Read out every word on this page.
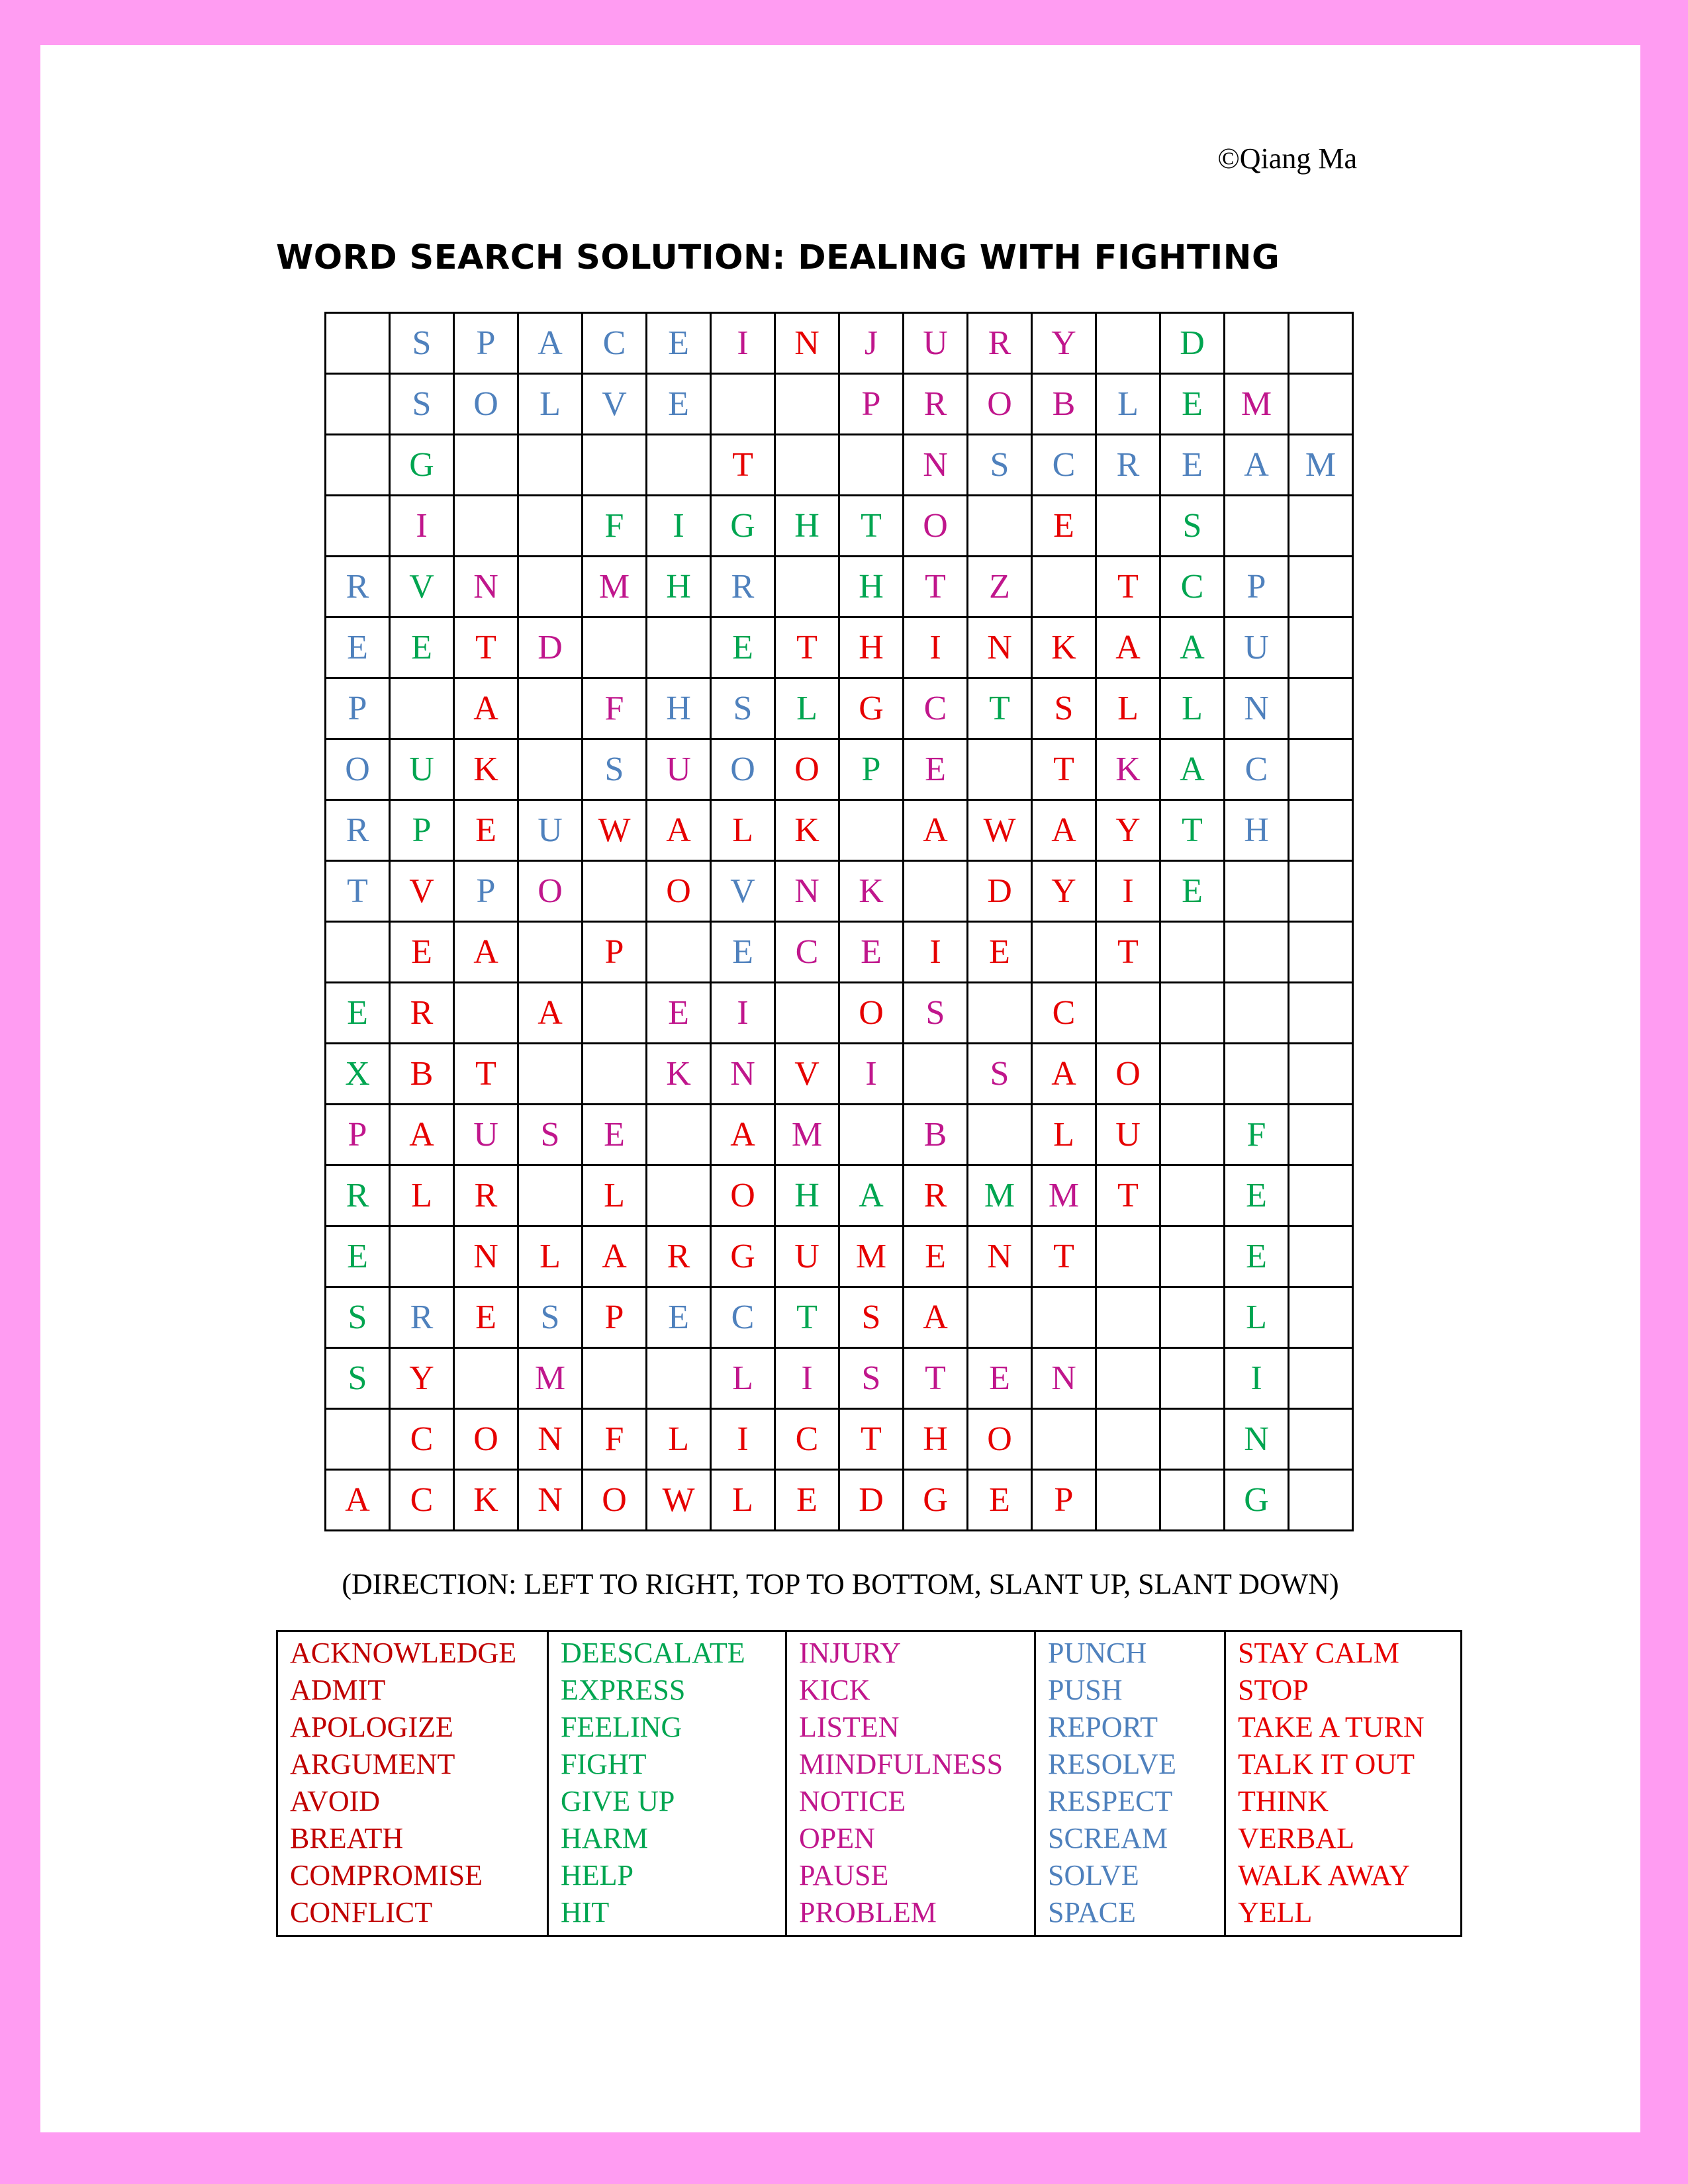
©Qiang Ma
WORD SEARCH SOLUTION: DEALING WITH FIGHTING
	S	P	A	C	E	I	N	J	U	R	Y		D		
	S	O	L	V	E			P	R	O	B	L	E	M	
	G					T			N	S	C	R	E	A	M
	I			F	I	G	H	T	O		E		S		
R	V	N		M	H	R		H	T	Z		T	C	P	
E	E	T	D			E	T	H	I	N	K	A	A	U	
P		A		F	H	S	L	G	C	T	S	L	L	N	
O	U	K		S	U	O	O	P	E		T	K	A	C	
R	P	E	U	W	A	L	K		A	W	A	Y	T	H	
T	V	P	O		O	V	N	K		D	Y	I	E		
	E	A		P		E	C	E	I	E		T			
E	R		A		E	I		O	S		C				
X	B	T			K	N	V	I		S	A	O			
P	A	U	S	E		A	M		B		L	U		F	
R	L	R		L		O	H	A	R	M	M	T		E	
E		N	L	A	R	G	U	M	E	N	T			E	
S	R	E	S	P	E	C	T	S	A					L	
S	Y		M			L	I	S	T	E	N			I	
	C	O	N	F	L	I	C	T	H	O				N	
A	C	K	N	O	W	L	E	D	G	E	P			G	
(DIRECTION: LEFT TO RIGHT, TOP TO BOTTOM, SLANT UP, SLANT DOWN)
ACKNOWLEDGE
ADMIT
APOLOGIZE
ARGUMENT
AVOID
BREATH
COMPROMISE
CONFLICT

DEESCALATE
EXPRESS
FEELING
FIGHT
GIVE UP
HARM
HELP
HIT

INJURY
KICK
LISTEN
MINDFULNESS
NOTICE
OPEN
PAUSE
PROBLEM

PUNCH
PUSH
REPORT
RESOLVE
RESPECT
SCREAM
SOLVE
SPACE

STAY CALM
STOP
TAKE A TURN
TALK IT OUT
THINK
VERBAL
WALK AWAY
YELL
